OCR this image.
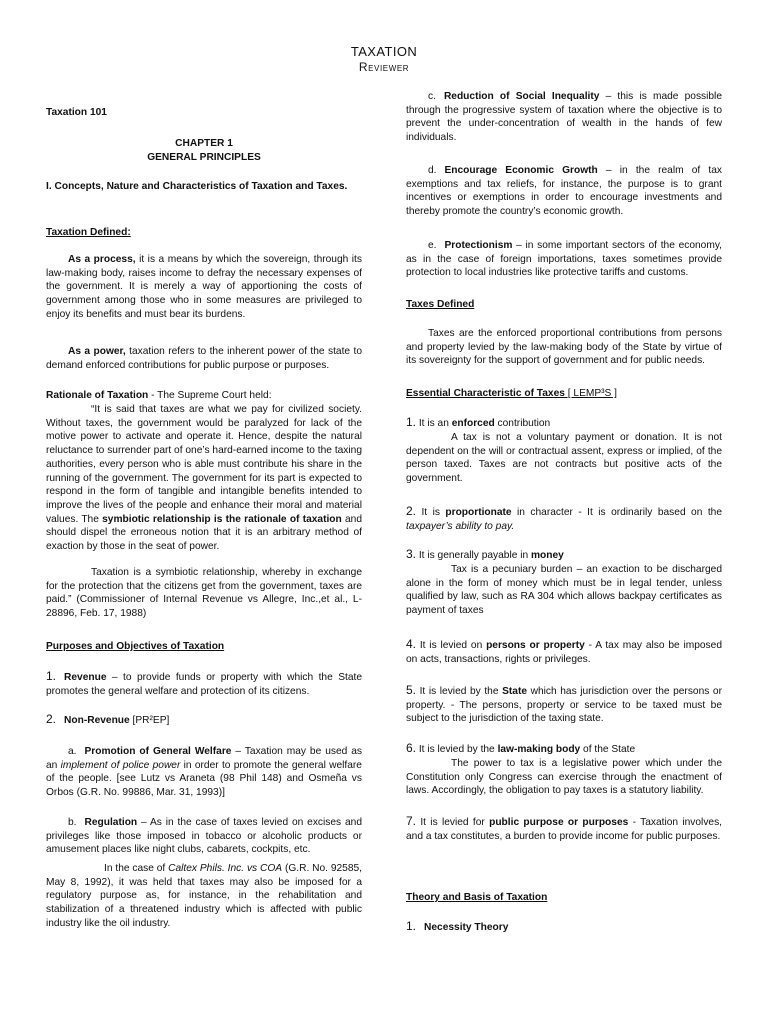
TAXATION
Reviewer

Taxation 101

CHAPTER 1

GENERAL PRINCIPLES

I. Concepts, Nature and Characteristics of Taxation and Taxes.

Taxation Defined:

As a process, it is a means by which the sovereign, through its law-making body, raises income to defray the necessary expenses of the government. It is merely a way of apportioning the costs of government among those who in some measures are privileged to enjoy its benefits and must bear its burdens.

As a power, taxation refers to the inherent power of the state to demand enforced contributions for public purpose or purposes.

Rationale of Taxation - The Supreme Court held:

“It is said that taxes are what we pay for civilized society. Without taxes, the government would be paralyzed for lack of the motive power to activate and operate it. Hence, despite the natural reluctance to surrender part of one’s hard-earned income to the taxing authorities, every person who is able must contribute his share in the running of the government. The government for its part is expected to respond in the form of tangible and intangible benefits intended to improve the lives of the people and enhance their moral and material values. The symbiotic relationship is the rationale of taxation and should dispel the erroneous notion that it is an arbitrary method of exaction by those in the seat of power.

Taxation is a symbiotic relationship, whereby in exchange for the protection that the citizens get from the government, taxes are paid.” (Commissioner of Internal Revenue vs Allegre, Inc.,et al., L-28896, Feb. 17, 1988)

Purposes and Objectives of Taxation

1. Revenue – to provide funds or property with which the State promotes the general welfare and protection of its citizens.

2. Non-Revenue [PR²EP]

a. Promotion of General Welfare – Taxation may be used as an implement of police power in order to promote the general welfare of the people. [see Lutz vs Araneta (98 Phil 148) and Osmeña vs Orbos (G.R. No. 99886, Mar. 31, 1993)]

b. Regulation – As in the case of taxes levied on excises and privileges like those imposed in tobacco or alcoholic products or amusement places like night clubs, cabarets, cockpits, etc.

In the case of Caltex Phils. Inc. vs COA (G.R. No. 92585, May 8, 1992), it was held that taxes may also be imposed for a regulatory purpose as, for instance, in the rehabilitation and stabilization of a threatened industry which is affected with public industry like the oil industry.

c. Reduction of Social Inequality – this is made possible through the progressive system of taxation where the objective is to prevent the under-concentration of wealth in the hands of few individuals.

d. Encourage Economic Growth – in the realm of tax exemptions and tax reliefs, for instance, the purpose is to grant incentives or exemptions in order to encourage investments and thereby promote the country’s economic growth.

e. Protectionism – in some important sectors of the economy, as in the case of foreign importations, taxes sometimes provide protection to local industries like protective tariffs and customs.

Taxes Defined

Taxes are the enforced proportional contributions from persons and property levied by the law-making body of the State by virtue of its sovereignty for the support of government and for public needs.

Essential Characteristic of Taxes [ LEMP³S ]

1. It is an enforced contribution

A tax is not a voluntary payment or donation. It is not dependent on the will or contractual assent, express or implied, of the person taxed. Taxes are not contracts but positive acts of the government.

2. It is proportionate in character - It is ordinarily based on the taxpayer’s ability to pay.

3. It is generally payable in money

Tax is a pecuniary burden – an exaction to be discharged alone in the form of money which must be in legal tender, unless qualified by law, such as RA 304 which allows backpay certificates as payment of taxes

4. It is levied on persons or property - A tax may also be imposed on acts, transactions, rights or privileges.

5. It is levied by the State which has jurisdiction over the persons or property. - The persons, property or service to be taxed must be subject to the jurisdiction of the taxing state.

6. It is levied by the law-making body of the State

The power to tax is a legislative power which under the Constitution only Congress can exercise through the enactment of laws. Accordingly, the obligation to pay taxes is a statutory liability.

7. It is levied for public purpose or purposes - Taxation involves, and a tax constitutes, a burden to provide income for public purposes.

Theory and Basis of Taxation

1. Necessity Theory
